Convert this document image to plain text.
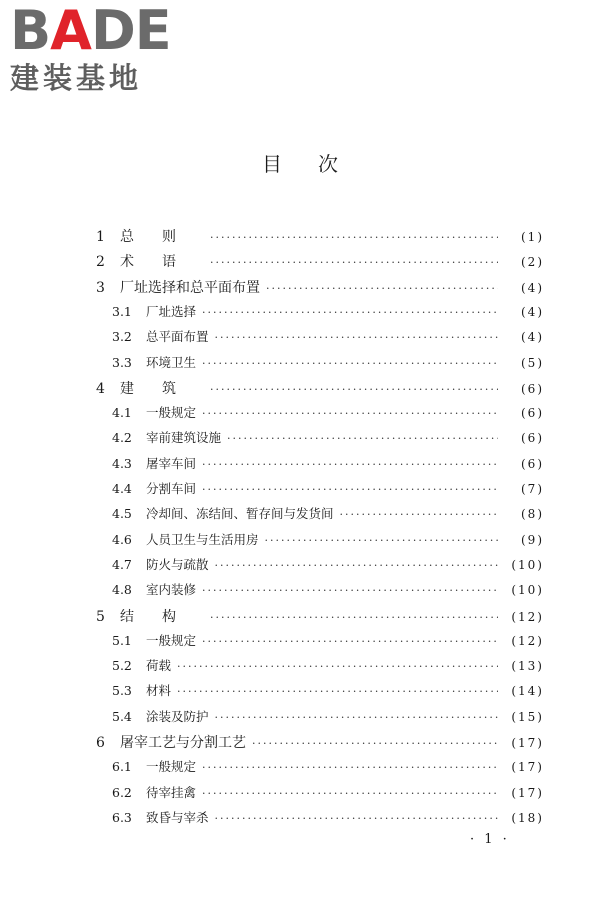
BADE
建装基地
目次
1	总则 ·····	(1)
2	术语 ·····	(2)
3	厂址选择和总平面布置 ·····	(4)
3.1	厂址选择 ·····	(4)
3.2	总平面布置 ·····	(4)
3.3	环境卫生 ·····	(5)
4	建筑 ·····	(6)
4.1	一般规定 ·····	(6)
4.2	宰前建筑设施 ·····	(6)
4.3	屠宰车间 ·····	(6)
4.4	分割车间 ·····	(7)
4.5	冷却间、冻结间、暂存间与发货间 ·····	(8)
4.6	人员卫生与生活用房 ·····	(9)
4.7	防火与疏散 ·····	(10)
4.8	室内装修 ·····	(10)
5	结构 ·····	(12)
5.1	一般规定 ·····	(12)
5.2	荷载 ·····	(13)
5.3	材料 ·····	(14)
5.4	涂装及防护 ·····	(15)
6	屠宰工艺与分割工艺 ·····	(17)
6.1	一般规定 ·····	(17)
6.2	待宰挂禽 ·····	(17)
6.3	致昏与宰杀 ·····	(18)
· 1 ·
